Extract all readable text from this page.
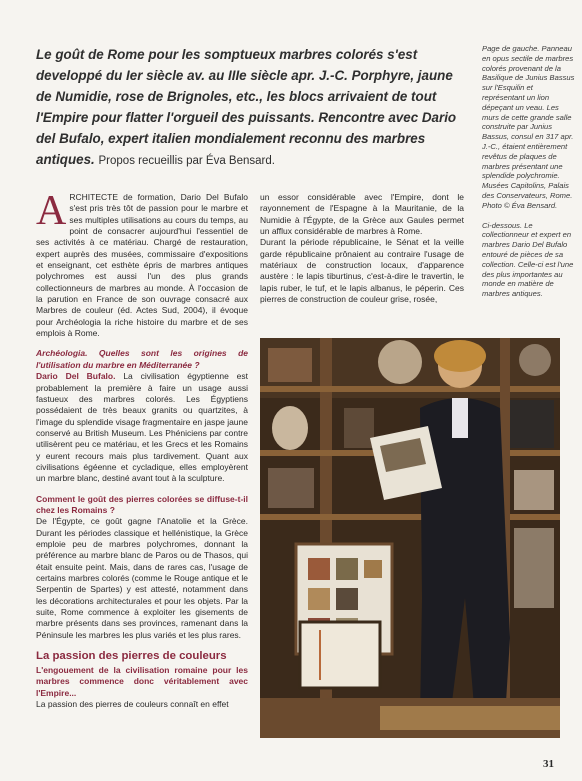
Le goût de Rome pour les somptueux marbres colorés s'est developpé du Ier siècle av. au IIIe siècle apr. J.-C. Porphyre, jaune de Numidie, rose de Brignoles, etc., les blocs arrivaient de tout l'Empire pour flatter l'orgueil des puissants. Rencontre avec Dario del Bufalo, expert italien mondialement reconnu des marbres antiques. Propos recueillis par Éva Bensard.

Page de gauche. Panneau en opus sectile de marbres colorés provenant de la Basilique de Junius Bassus sur l'Esquilin et représentant un lion dépeçant un veau. Les murs de cette grande salle construite par Junius Bassus, consul en 317 apr. J.-C., étaient entièrement revêtus de plaques de marbres présentant une splendide polychromie. Musées Capitolins, Palais des Conservateurs, Rome. Photo © Éva Bensard.

Ci-dessous. Le collectionneur et expert en marbres Dario Del Bufalo entouré de pièces de sa collection. Celle-ci est l'une des plus importantes au monde en matière de marbres antiques.

ARCHITECTE de formation, Dario Del Bufalo s'est pris très tôt de passion pour le marbre et ses multiples utilisations au cours du temps, au point de consacrer aujourd'hui l'essentiel de ses activités à ce matériau. Chargé de restauration, expert auprès des musées, commissaire d'expositions et enseignant, cet esthète épris de marbres antiques polychromes est aussi l'un des plus grands collectionneurs de marbres au monde. À l'occasion de la parution en France de son ouvrage consacré aux Marbres de couleur (éd. Actes Sud, 2004), il évoque pour Archéologia la riche histoire du marbre et de ses emplois à Rome.

Archéologia. Quelles sont les origines de l'utilisation du marbre en Méditerranée ?

Dario Del Bufalo. La civilisation égyptienne est probablement la première à faire un usage aussi fastueux des marbres colorés. Les Égyptiens possédaient de très beaux granits ou quartzites, à l'image du splendide visage fragmentaire en jaspe jaune conservé au British Museum. Les Phéniciens par contre utilisèrent peu ce matériau, et les Grecs et les Romains y eurent recours mais plus tardivement. Quant aux civilisations égéenne et cycladique, elles employèrent un marbre blanc, destiné avant tout à la sculpture.

Comment le goût des pierres colorées se diffuse-t-il chez les Romains ?

De l'Égypte, ce goût gagne l'Anatolie et la Grèce. Durant les périodes classique et hellénistique, la Grèce emploie peu de marbres polychromes, donnant la préférence au marbre blanc de Paros ou de Thasos, qui était ensuite peint. Mais, dans de rares cas, l'usage de certains marbres colorés (comme le Rouge antique et le Serpentin de Spartes) y est attesté, notamment dans les décorations architecturales et pour les objets. Par la suite, Rome commence à exploiter les gisements de marbre présents dans ses provinces, ramenant dans la Péninsule les marbres les plus variés et les plus rares.

La passion des pierres de couleurs

L'engouement de la civilisation romaine pour les marbres commence donc véritablement avec l'Empire...

La passion des pierres de couleurs connaît en effet

un essor considérable avec l'Empire, dont le rayonnement de l'Espagne à la Mauritanie, de la Numidie à l'Égypte, de la Grèce aux Gaules permet un afflux considérable de marbres à Rome.

Durant la période républicaine, le Sénat et la veille garde républicaine prônaient au contraire l'usage de matériaux de construction locaux, d'apparence austère : le lapis tiburtinus, c'est-à-dire le travertin, le lapis ruber, le tuf, et le lapis albanus, le péperin. Ces pierres de construction de couleur grise, rosée,

31
